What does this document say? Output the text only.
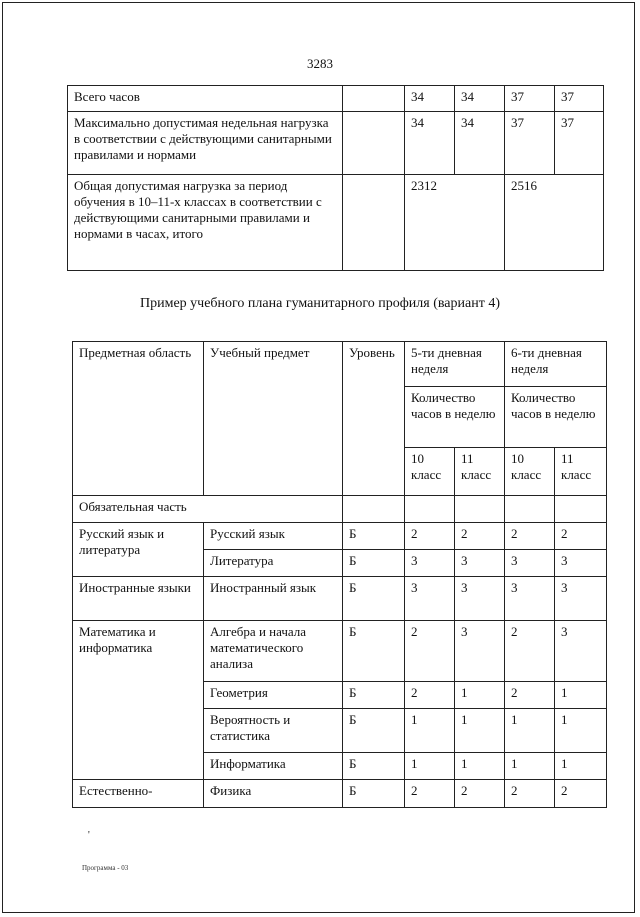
3283
Всего часов		34	34	37	37
Максимально допустимая недельная нагрузка в соответствии с действующими санитарными правилами и нормами		34	34	37	37
Общая допустимая нагрузка за период обучения в 10–11-х классах в соответствии с действующими санитарными правилами и нормами в часах, итого		2312		2516	
Пример учебного плана гуманитарного профиля (вариант 4)
Предметная область	Учебный предмет	Уровень	5-ти дневная неделя		6-ти дневная неделя	
			Количество часов в неделю		Количество часов в неделю	
			10 класс	11 класс	10 класс	11 класс
Обязательная часть						
Русский язык и литература	Русский язык	Б	2	2	2	2
	Литература	Б	3	3	3	3
Иностранные языки	Иностранный язык	Б	3	3	3	3
Математика и информатика	Алгебра и начала математического анализа	Б	2	3	2	3
	Геометрия	Б	2	1	2	1
	Вероятность и статистика	Б	1	1	1	1
	Информатика	Б	1	1	1	1
Естественно-	Физика	Б	2	2	2	2
'
Программа - 03
